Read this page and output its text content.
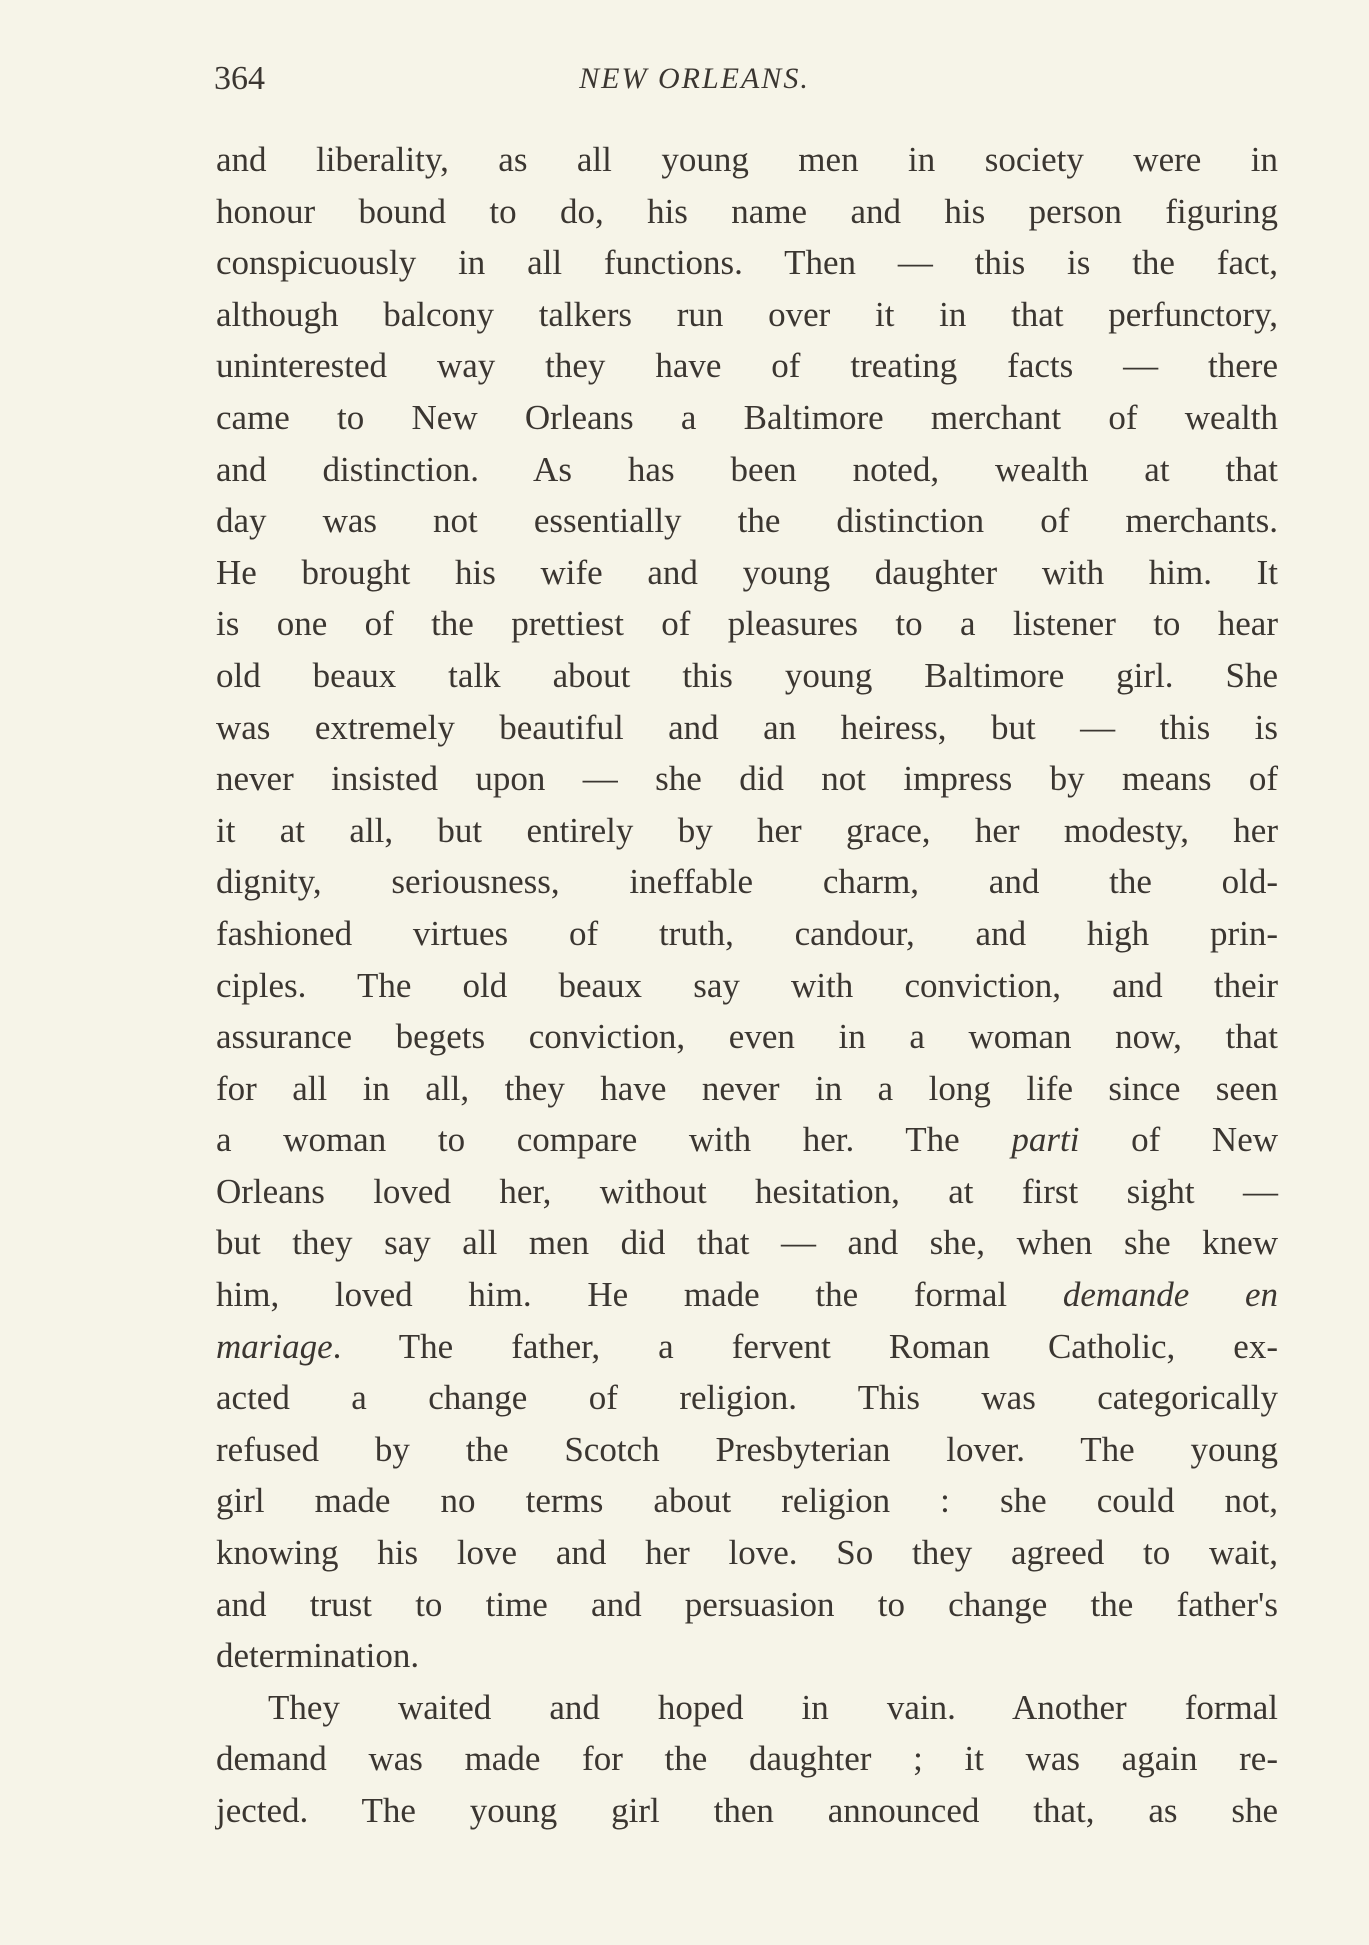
364	NEW ORLEANS.
and liberality, as all young men in society were in
honour bound to do, his name and his person figuring
conspicuously in all functions. Then — this is the fact,
although balcony talkers run over it in that perfunctory,
uninterested way they have of treating facts — there
came to New Orleans a Baltimore merchant of wealth
and distinction. As has been noted, wealth at that
day was not essentially the distinction of merchants.
He brought his wife and young daughter with him. It
is one of the prettiest of pleasures to a listener to hear
old beaux talk about this young Baltimore girl. She
was extremely beautiful and an heiress, but — this is
never insisted upon — she did not impress by means of
it at all, but entirely by her grace, her modesty, her
dignity, seriousness, ineffable charm, and the old-
fashioned virtues of truth, candour, and high prin-
ciples. The old beaux say with conviction, and their
assurance begets conviction, even in a woman now, that
for all in all, they have never in a long life since seen
a woman to compare with her. The parti of New
Orleans loved her, without hesitation, at first sight —
but they say all men did that — and she, when she knew
him, loved him. He made the formal demande en
mariage. The father, a fervent Roman Catholic, ex-
acted a change of religion. This was categorically
refused by the Scotch Presbyterian lover. The young
girl made no terms about religion : she could not,
knowing his love and her love. So they agreed to wait,
and trust to time and persuasion to change the father's
determination.
They waited and hoped in vain. Another formal
demand was made for the daughter ; it was again re-
jected. The young girl then announced that, as she
